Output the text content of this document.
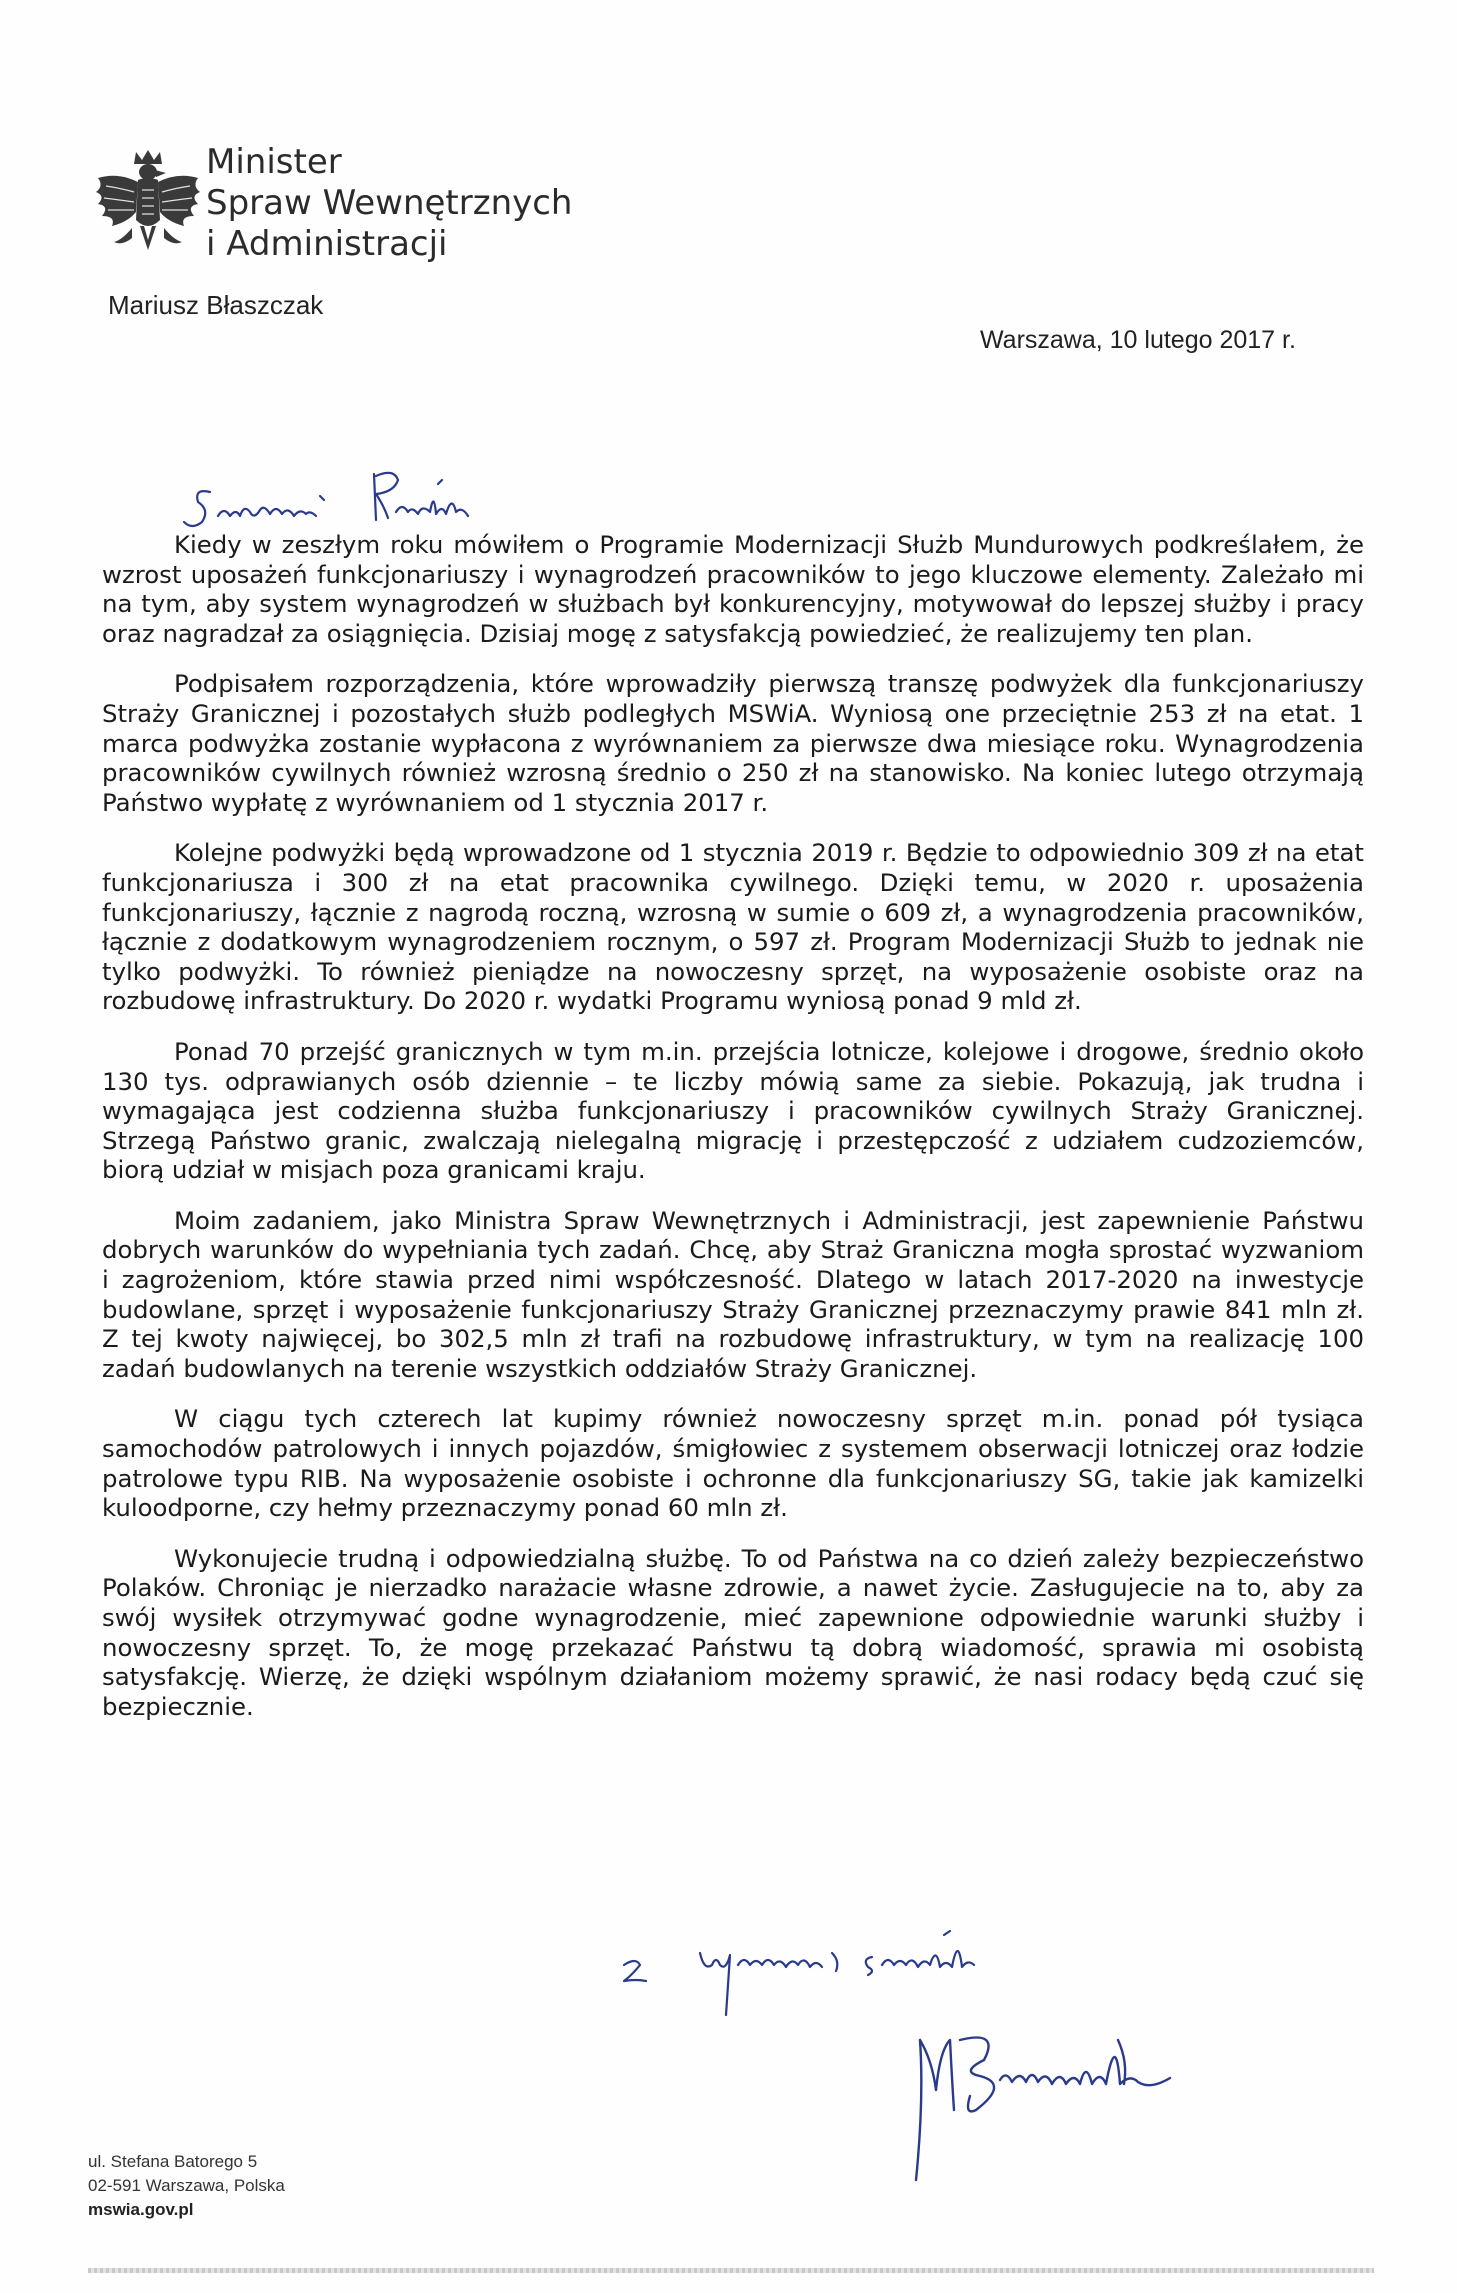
Minister
Spraw Wewnętrznych
i Administracji
Mariusz Błaszczak
Warszawa, 10 lutego 2017 r.

Kiedy w zeszłym roku mówiłem o Programie Modernizacji Służb Mundurowych podkreślałem, że wzrost uposażeń funkcjonariuszy i wynagrodzeń pracowników to jego kluczowe elementy. Zależało mi na tym, aby system wynagrodzeń w służbach był konkurencyjny, motywował do lepszej służby i pracy oraz nagradzał za osiągnięcia. Dzisiaj mogę z satysfakcją powiedzieć, że realizujemy ten plan.

Podpisałem rozporządzenia, które wprowadziły pierwszą transzę podwyżek dla funkcjonariuszy Straży Granicznej i pozostałych służb podległych MSWiA. Wyniosą one przeciętnie 253 zł na etat. 1 marca podwyżka zostanie wypłacona z wyrównaniem za pierwsze dwa miesiące roku. Wynagrodzenia pracowników cywilnych również wzrosną średnio o 250 zł na stanowisko. Na koniec lutego otrzymają Państwo wypłatę z wyrównaniem od 1 stycznia 2017 r.

Kolejne podwyżki będą wprowadzone od 1 stycznia 2019 r. Będzie to odpowiednio 309 zł na etat funkcjonariusza i 300 zł na etat pracownika cywilnego. Dzięki temu, w 2020 r. uposażenia funkcjonariuszy, łącznie z nagrodą roczną, wzrosną w sumie o 609 zł, a wynagrodzenia pracowników, łącznie z dodatkowym wynagrodzeniem rocznym, o 597 zł. Program Modernizacji Służb to jednak nie tylko podwyżki. To również pieniądze na nowoczesny sprzęt, na wyposażenie osobiste oraz na rozbudowę infrastruktury. Do 2020 r. wydatki Programu wyniosą ponad 9 mld zł.

Ponad 70 przejść granicznych w tym m.in. przejścia lotnicze, kolejowe i drogowe, średnio około 130 tys. odprawianych osób dziennie – te liczby mówią same za siebie. Pokazują, jak trudna i wymagająca jest codzienna służba funkcjonariuszy i pracowników cywilnych Straży Granicznej. Strzegą Państwo granic, zwalczają nielegalną migrację i przestępczość z udziałem cudzoziemców, biorą udział w misjach poza granicami kraju.

Moim zadaniem, jako Ministra Spraw Wewnętrznych i Administracji, jest zapewnienie Państwu dobrych warunków do wypełniania tych zadań. Chcę, aby Straż Graniczna mogła sprostać wyzwaniom i zagrożeniom, które stawia przed nimi współczesność. Dlatego w latach 2017-2020 na inwestycje budowlane, sprzęt i wyposażenie funkcjonariuszy Straży Granicznej przeznaczymy prawie 841 mln zł. Z tej kwoty najwięcej, bo 302,5 mln zł trafi na rozbudowę infrastruktury, w tym na realizację 100 zadań budowlanych na terenie wszystkich oddziałów Straży Granicznej.

W ciągu tych czterech lat kupimy również nowoczesny sprzęt m.in. ponad pół tysiąca samochodów patrolowych i innych pojazdów, śmigłowiec z systemem obserwacji lotniczej oraz łodzie patrolowe typu RIB. Na wyposażenie osobiste i ochronne dla funkcjonariuszy SG, takie jak kamizelki kuloodporne, czy hełmy przeznaczymy ponad 60 mln zł.

Wykonujecie trudną i odpowiedzialną służbę. To od Państwa na co dzień zależy bezpieczeństwo Polaków. Chroniąc je nierzadko narażacie własne zdrowie, a nawet życie. Zasługujecie na to, aby za swój wysiłek otrzymywać godne wynagrodzenie, mieć zapewnione odpowiednie warunki służby i nowoczesny sprzęt. To, że mogę przekazać Państwu tą dobrą wiadomość, sprawia mi osobistą satysfakcję. Wierzę, że dzięki wspólnym działaniom możemy sprawić, że nasi rodacy będą czuć się bezpiecznie.

ul. Stefana Batorego 5
02-591 Warszawa, Polska
mswia.gov.pl
